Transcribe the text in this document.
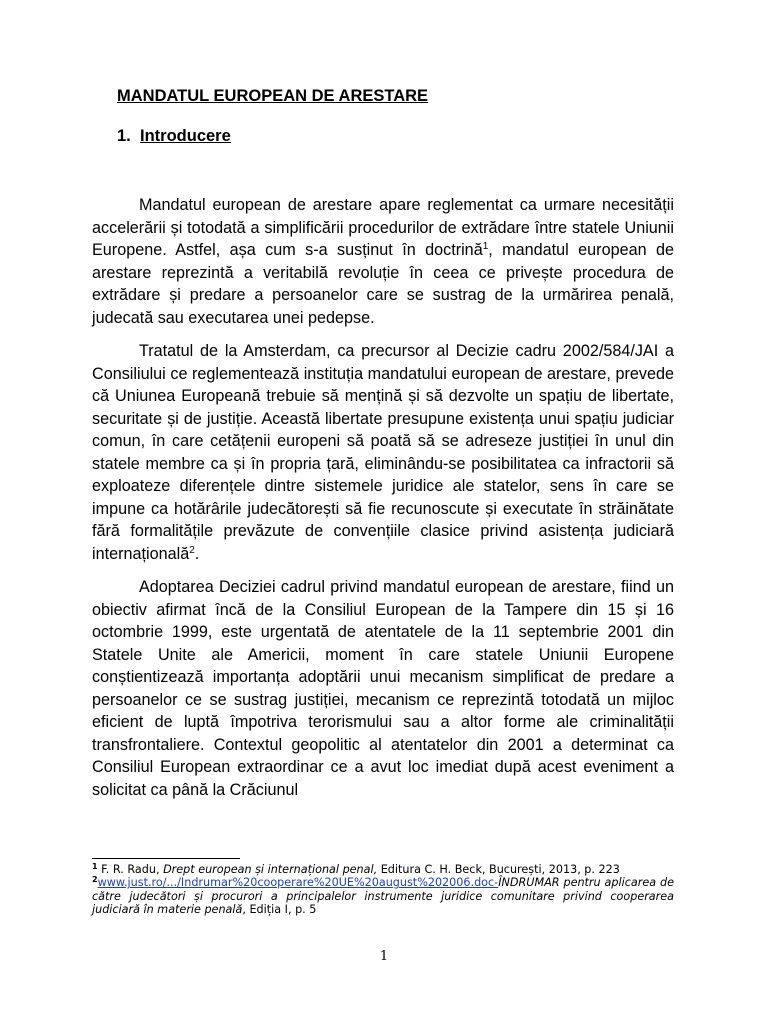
MANDATUL EUROPEAN DE ARESTARE
1. Introducere

Mandatul european de arestare apare reglementat ca urmare necesității accelerării și totodată a simplificării procedurilor de extrădare între statele Uniunii Europene. Astfel, așa cum s-a susținut în doctrină$^1$, mandatul european de arestare reprezintă a veritabilă revoluție în ceea ce privește procedura de extrădare și predare a persoanelor care se sustrag de la urmărirea penală, judecată sau executarea unei pedepse.

Tratatul de la Amsterdam, ca precursor al Decizie cadru 2002/584/JAI a Consiliului ce reglementează instituția mandatului european de arestare, prevede că Uniunea Europeană trebuie să mențină și să dezvolte un spațiu de libertate, securitate și de justiție. Această libertate presupune existența unui spațiu judiciar comun, în care cetățenii europeni să poată să se adreseze justiției în unul din statele membre ca și în propria țară, eliminându-se posibilitatea ca infractorii să exploateze diferențele dintre sistemele juridice ale statelor, sens în care se impune ca hotărârile judecătorești să fie recunoscute și executate în străinătate fără formalitățile prevăzute de convențiile clasice privind asistența judiciară internațională$^2$.

Adoptarea Deciziei cadrul privind mandatul european de arestare, fiind un obiectiv afirmat încă de la Consiliul European de la Tampere din 15 și 16 octombrie 1999, este urgentată de atentatele de la 11 septembrie 2001 din Statele Unite ale Americii, moment în care statele Uniunii Europene conștientizează importanța adoptării unui mecanism simplificat de predare a persoanelor ce se sustrag justiției, mecanism ce reprezintă totodată un mijloc eficient de luptă împotriva terorismului sau a altor forme ale criminalității transfrontaliere. Contextul geopolitic al atentatelor din 2001 a determinat ca Consiliul European extraordinar ce a avut loc imediat după acest eveniment a solicitat ca până la Crăciunul

$^1$ F. R. Radu, Drept european și internațional penal, Editura C. H. Beck, București, 2013, p. 223

$^2$www.just.ro/.../Indrumar%20cooperare%20UE%20august%202006.doc-ÎNDRUMAR pentru aplicarea de către judecători și procurori a principalelor instrumente juridice comunitare privind cooperarea judiciară în materie penală, Ediția I, p. 5

1
